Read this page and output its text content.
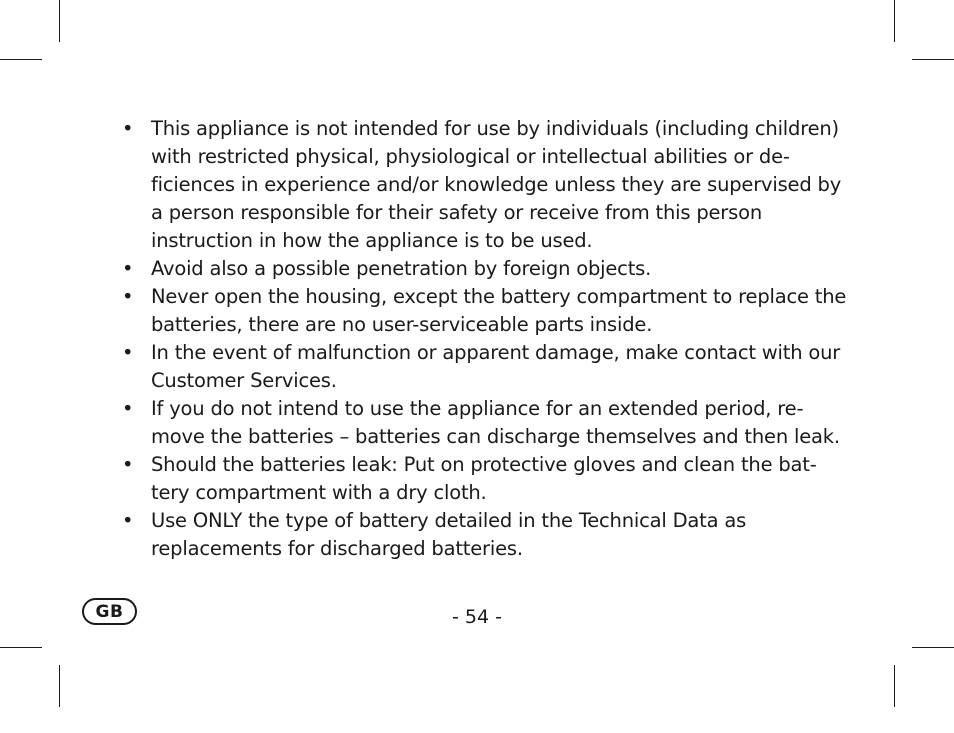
• This appliance is not intended for use by individuals (including children) with restricted physical, physiological or intellectual abilities or de-ficiences in experience and/or knowledge unless they are supervised by a person responsible for their safety or receive from this person instruction in how the appliance is to be used.
• Avoid also a possible penetration by foreign objects.
• Never open the housing, except the battery compartment to replace the batteries, there are no user-serviceable parts inside.
• In the event of malfunction or apparent damage, make contact with our Customer Services.
• If you do not intend to use the appliance for an extended period, re-move the batteries – batteries can discharge themselves and then leak.
• Should the batteries leak: Put on protective gloves and clean the bat-tery compartment with a dry cloth.
• Use ONLY the type of battery detailed in the Technical Data as replacements for discharged batteries.
GB	- 54 -
